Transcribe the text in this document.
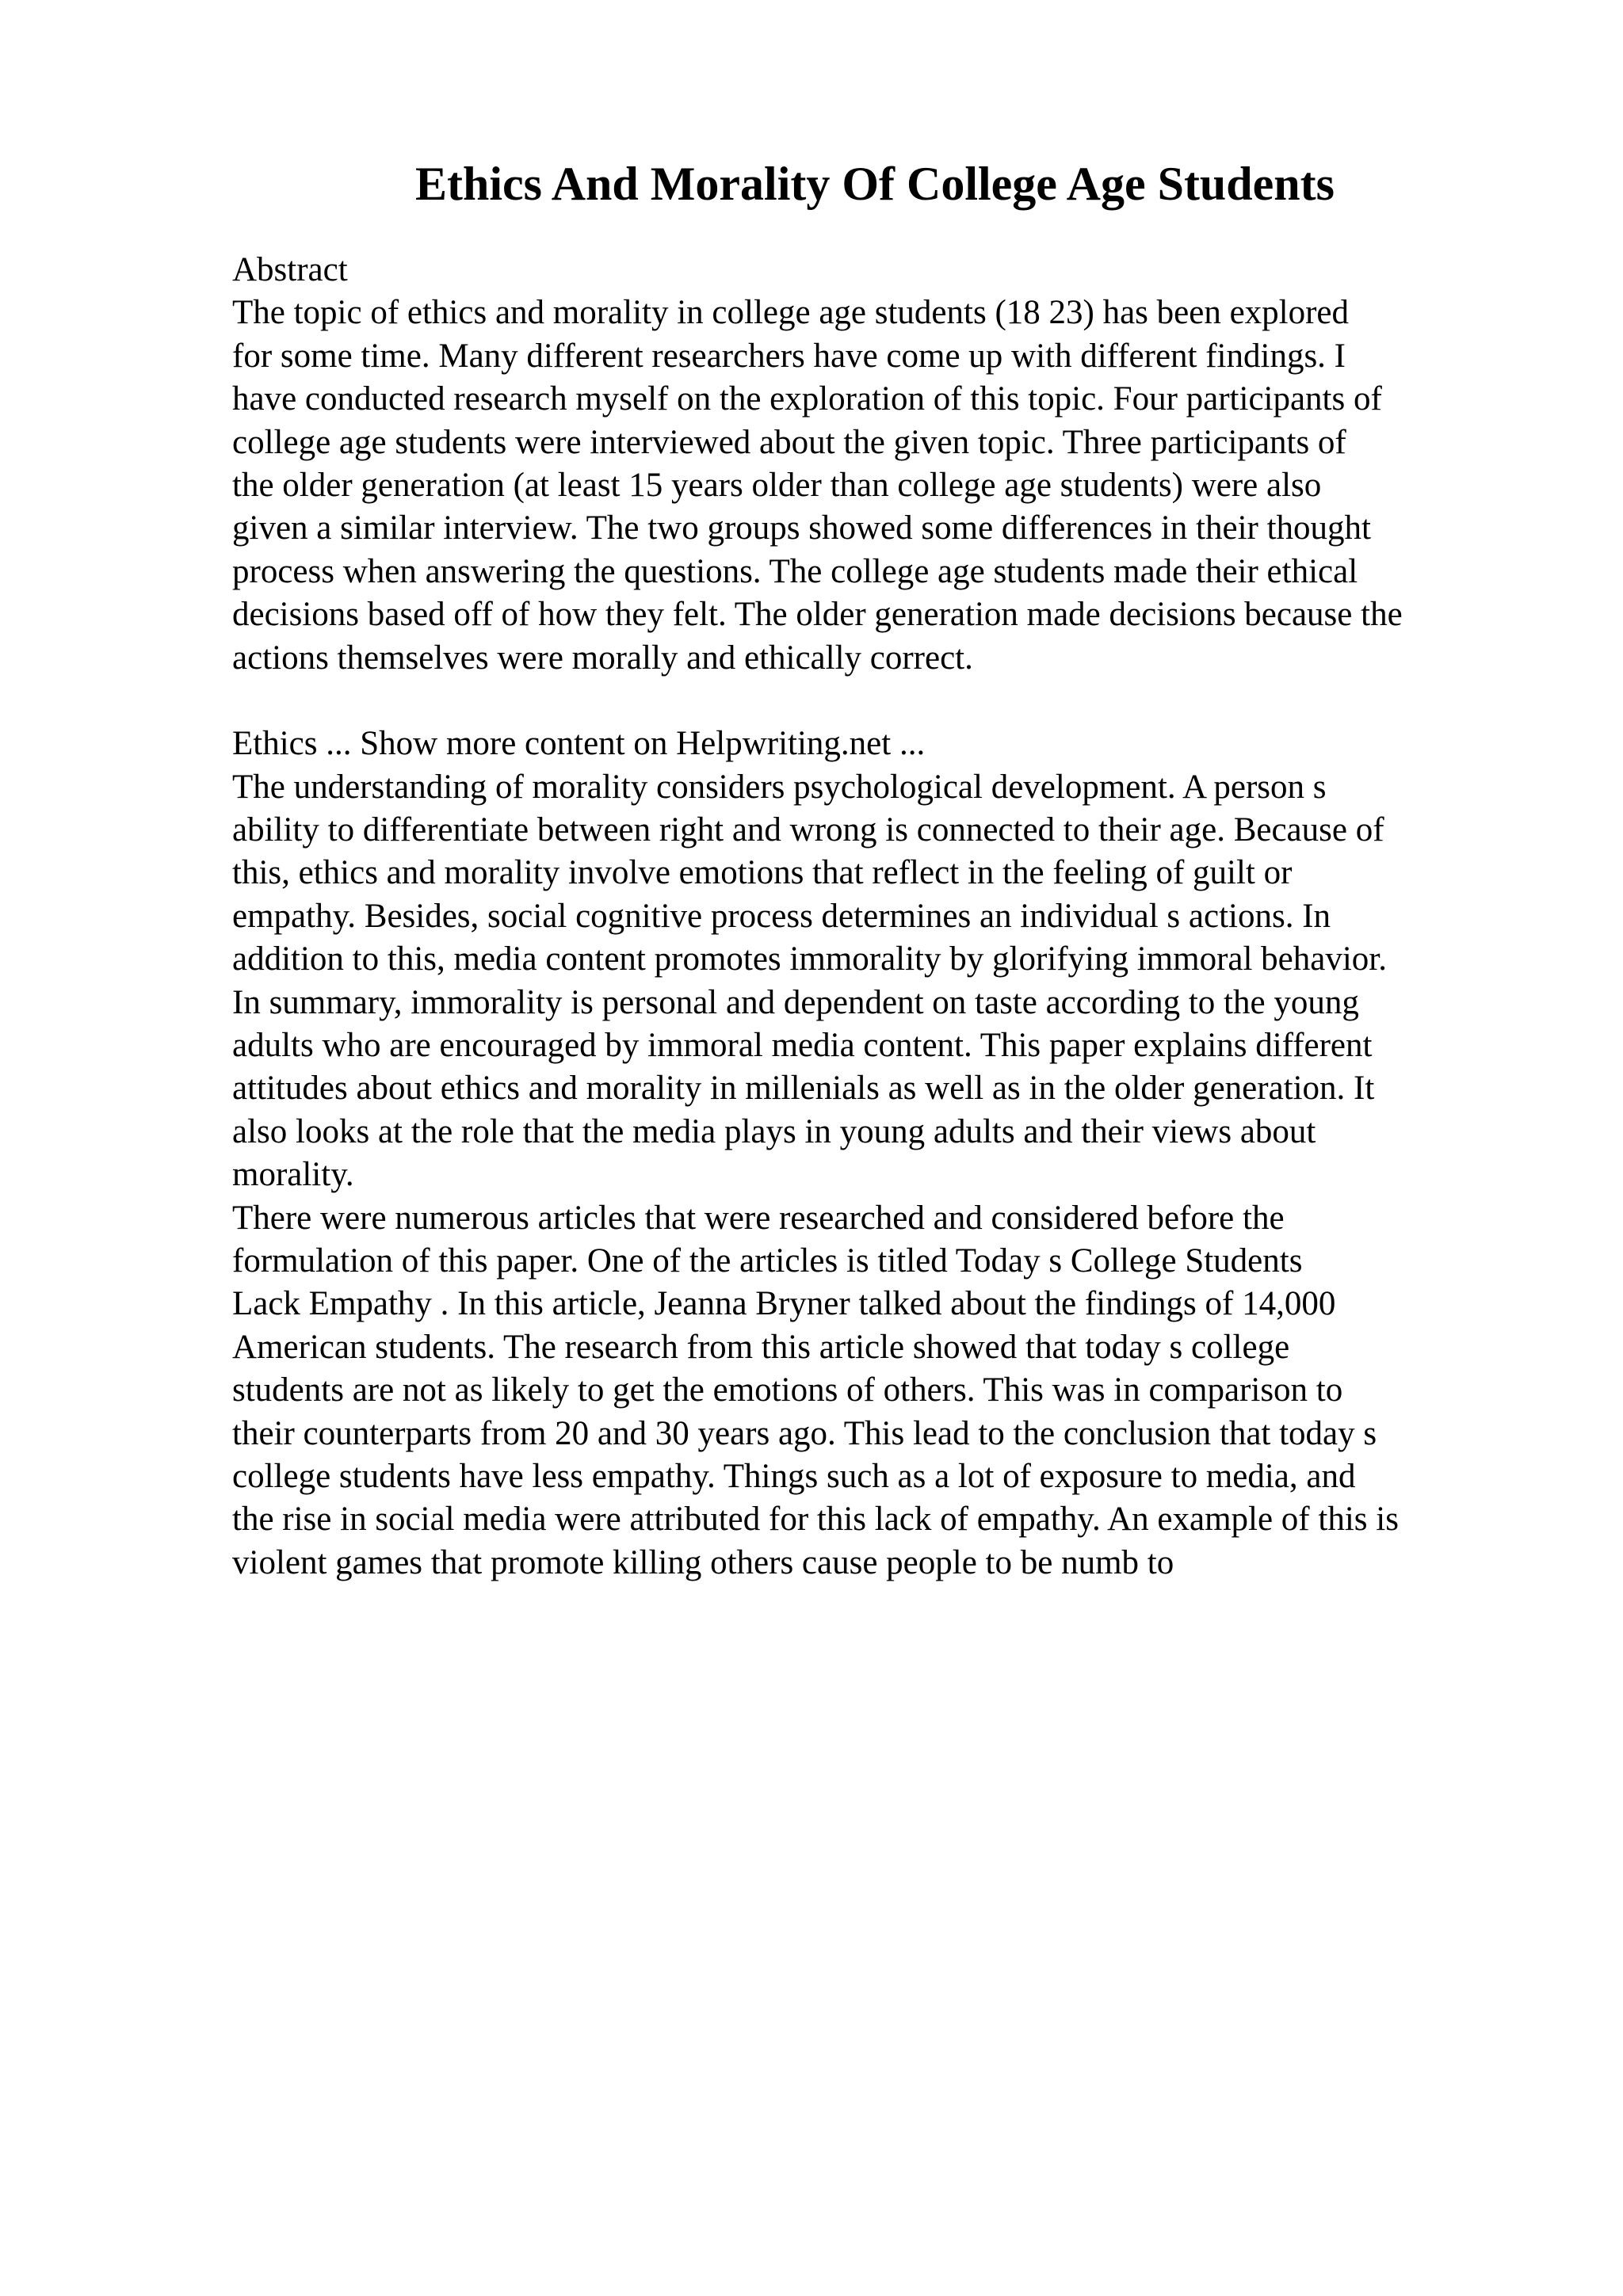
Ethics And Morality Of College Age Students
Abstract
The topic of ethics and morality in college age students (18 23) has been explored
for some time. Many different researchers have come up with different findings. I
have conducted research myself on the exploration of this topic. Four participants of
college age students were interviewed about the given topic. Three participants of
the older generation (at least 15 years older than college age students) were also
given a similar interview. The two groups showed some differences in their thought
process when answering the questions. The college age students made their ethical
decisions based off of how they felt. The older generation made decisions because the
actions themselves were morally and ethically correct.
Ethics ... Show more content on Helpwriting.net ...
The understanding of morality considers psychological development. A person s
ability to differentiate between right and wrong is connected to their age. Because of
this, ethics and morality involve emotions that reflect in the feeling of guilt or
empathy. Besides, social cognitive process determines an individual s actions. In
addition to this, media content promotes immorality by glorifying immoral behavior.
In summary, immorality is personal and dependent on taste according to the young
adults who are encouraged by immoral media content. This paper explains different
attitudes about ethics and morality in millenials as well as in the older generation. It
also looks at the role that the media plays in young adults and their views about
morality.
There were numerous articles that were researched and considered before the
formulation of this paper. One of the articles is titled Today s College Students
Lack Empathy . In this article, Jeanna Bryner talked about the findings of 14,000
American students. The research from this article showed that today s college
students are not as likely to get the emotions of others. This was in comparison to
their counterparts from 20 and 30 years ago. This lead to the conclusion that today s
college students have less empathy. Things such as a lot of exposure to media, and
the rise in social media were attributed for this lack of empathy. An example of this is
violent games that promote killing others cause people to be numb to
